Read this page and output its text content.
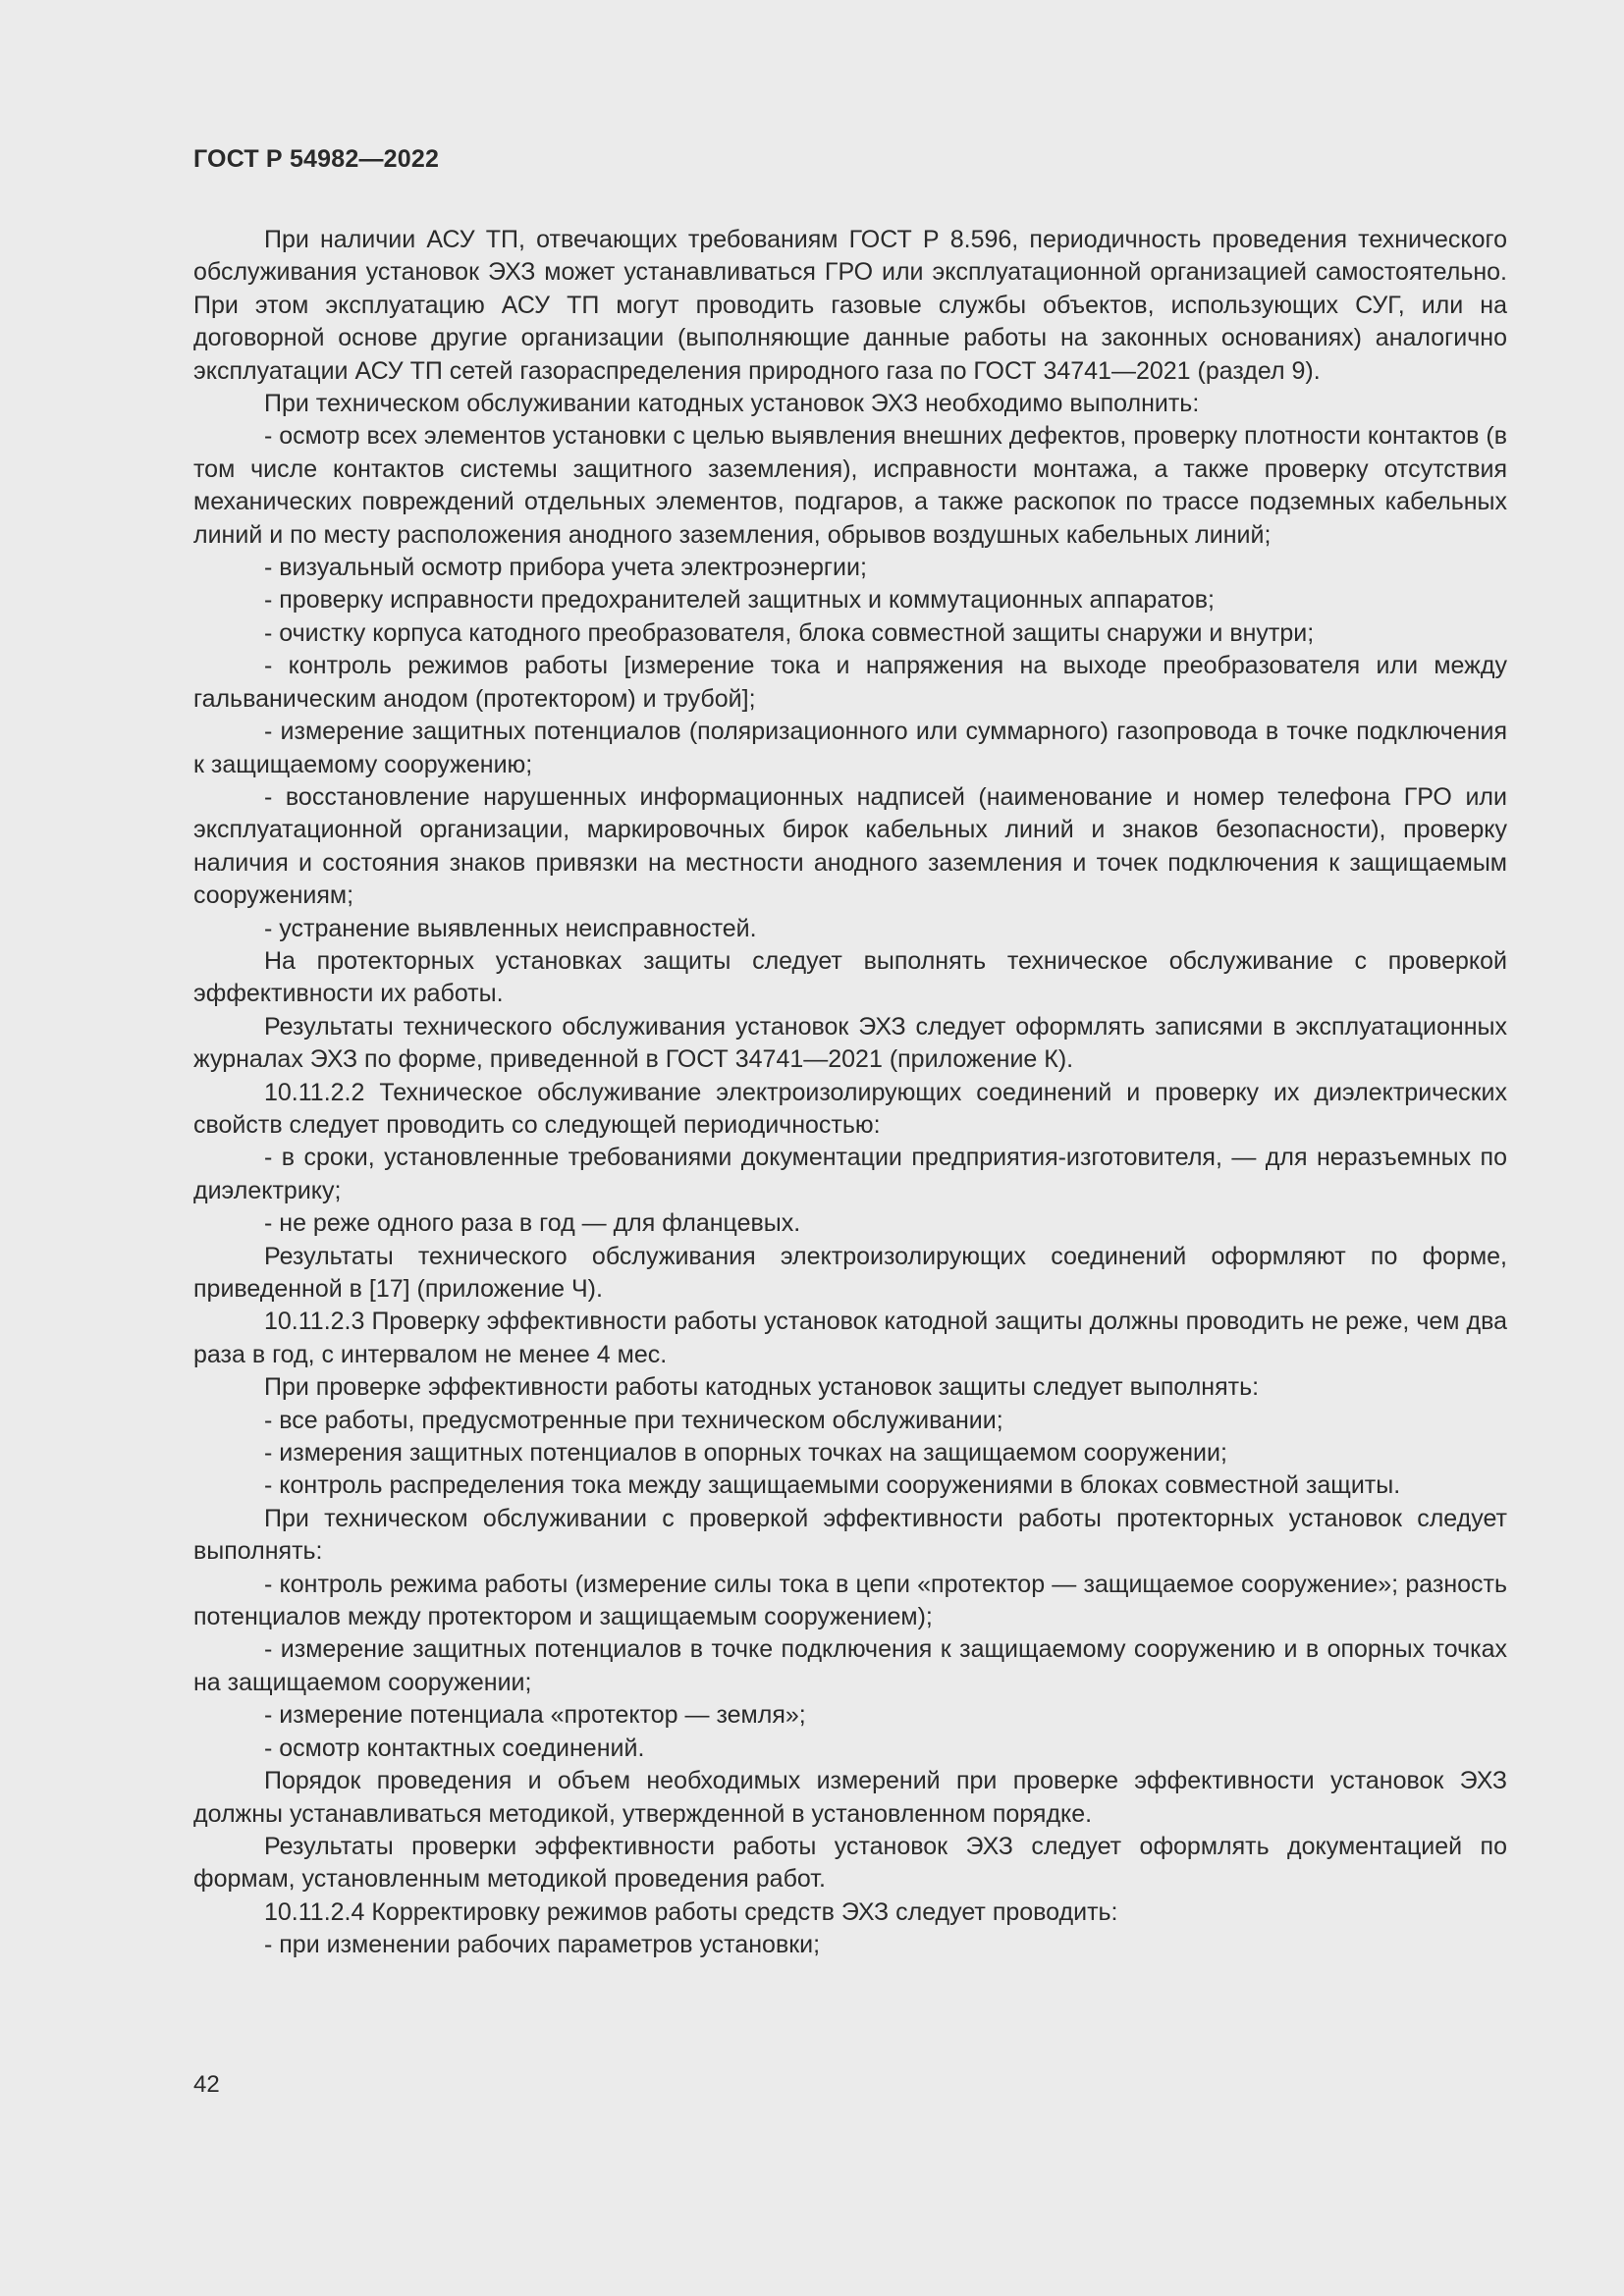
ГОСТ Р 54982—2022

При наличии АСУ ТП, отвечающих требованиям ГОСТ Р 8.596, периодичность проведения технического обслуживания установок ЭХЗ может устанавливаться ГРО или эксплуатационной организацией самостоятельно. При этом эксплуатацию АСУ ТП могут проводить газовые службы объектов, использующих СУГ, или на договорной основе другие организации (выполняющие данные работы на законных основаниях) аналогично эксплуатации АСУ ТП сетей газораспределения природного газа по ГОСТ 34741—2021 (раздел 9).

При техническом обслуживании катодных установок ЭХЗ необходимо выполнить:

- осмотр всех элементов установки с целью выявления внешних дефектов, проверку плотности контактов (в том числе контактов системы защитного заземления), исправности монтажа, а также проверку отсутствия механических повреждений отдельных элементов, подгаров, а также раскопок по трассе подземных кабельных линий и по месту расположения анодного заземления, обрывов воздушных кабельных линий;

- визуальный осмотр прибора учета электроэнергии;

- проверку исправности предохранителей защитных и коммутационных аппаратов;

- очистку корпуса катодного преобразователя, блока совместной защиты снаружи и внутри;

- контроль режимов работы [измерение тока и напряжения на выходе преобразователя или между гальваническим анодом (протектором) и трубой];

- измерение защитных потенциалов (поляризационного или суммарного) газопровода в точке подключения к защищаемому сооружению;

- восстановление нарушенных информационных надписей (наименование и номер телефона ГРО или эксплуатационной организации, маркировочных бирок кабельных линий и знаков безопасности), проверку наличия и состояния знаков привязки на местности анодного заземления и точек подключения к защищаемым сооружениям;

- устранение выявленных неисправностей.

На протекторных установках защиты следует выполнять техническое обслуживание с проверкой эффективности их работы.

Результаты технического обслуживания установок ЭХЗ следует оформлять записями в эксплуатационных журналах ЭХЗ по форме, приведенной в ГОСТ 34741—2021 (приложение К).

10.11.2.2 Техническое обслуживание электроизолирующих соединений и проверку их диэлектрических свойств следует проводить со следующей периодичностью:

- в сроки, установленные требованиями документации предприятия-изготовителя, — для неразъемных по диэлектрику;

- не реже одного раза в год — для фланцевых.

Результаты технического обслуживания электроизолирующих соединений оформляют по форме, приведенной в [17] (приложение Ч).

10.11.2.3 Проверку эффективности работы установок катодной защиты должны проводить не реже, чем два раза в год, с интервалом не менее 4 мес.

При проверке эффективности работы катодных установок защиты следует выполнять:

- все работы, предусмотренные при техническом обслуживании;

- измерения защитных потенциалов в опорных точках на защищаемом сооружении;

- контроль распределения тока между защищаемыми сооружениями в блоках совместной защиты.

При техническом обслуживании с проверкой эффективности работы протекторных установок следует выполнять:

- контроль режима работы (измерение силы тока в цепи «протектор — защищаемое сооружение»; разность потенциалов между протектором и защищаемым сооружением);

- измерение защитных потенциалов в точке подключения к защищаемому сооружению и в опорных точках на защищаемом сооружении;

- измерение потенциала «протектор — земля»;

- осмотр контактных соединений.

Порядок проведения и объем необходимых измерений при проверке эффективности установок ЭХЗ должны устанавливаться методикой, утвержденной в установленном порядке.

Результаты проверки эффективности работы установок ЭХЗ следует оформлять документацией по формам, установленным методикой проведения работ.

10.11.2.4 Корректировку режимов работы средств ЭХЗ следует проводить:

- при изменении рабочих параметров установки;

42
